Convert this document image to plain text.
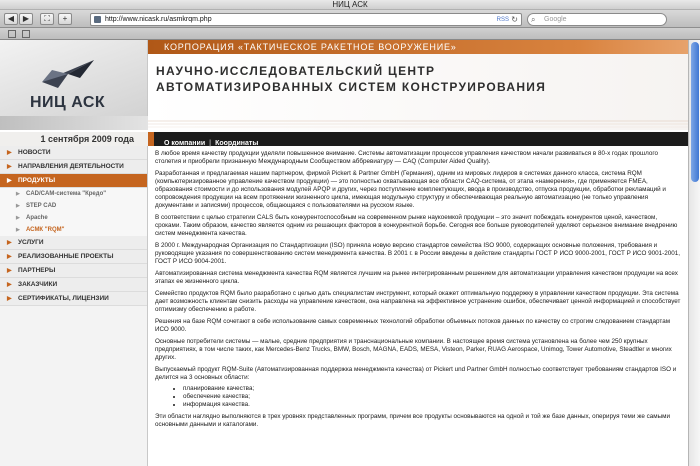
НИЦ АСК
◀	▶	⛶	+	http://www.nicask.ru/asmkrqm.php	RSS ↻ ⌕ Google
НИЦ АСК
КОРПОРАЦИЯ «ТАКТИЧЕСКОЕ РАКЕТНОЕ ВООРУЖЕНИЕ»
НАУЧНО-ИССЛЕДОВАТЕЛЬСКИЙ ЦЕНТР
АВТОМАТИЗИРОВАННЫХ СИСТЕМ КОНСТРУИРОВАНИЯ
1 сентября 2009 года	О компании | Координаты
▶ НОВОСТИ
▶ НАПРАВЛЕНИЯ ДЕЯТЕЛЬНОСТИ
▶ ПРОДУКТЫ
▶ CAD/CAM-система "Кредо"
▶ STEP CAD
▶ Apache
▶ АСМК "RQM"
▶ УСЛУГИ
▶ РЕАЛИЗОВАННЫЕ ПРОЕКТЫ
▶ ПАРТНЕРЫ
▶ ЗАКАЗЧИКИ
▶ СЕРТИФИКАТЫ, ЛИЦЕНЗИИ

В любое время качеству продукции уделяли повышенное внимание. Системы автоматизации процессов управления качеством начали развиваться в 80-х годах прошлого столетия и приобрели признанную Международным Сообществом аббревиатуру — CAQ (Computer Aided Quality).

Разработанная и предлагаемая нашим партнером, фирмой Pickert & Partner GmbH (Германия), одним из мировых лидеров в системах данного класса, система RQM (компьютеризированное управление качеством продукции) — это полностью охватывающая все области CAQ-система, от этапа «намерения», где применяется FMEA, образования стоимости и до использования модулей APQP и других, через поступление комплектующих, ввода в производство, отпуска продукции, обработки рекламаций и сопровождения продукции на всем протяжении жизненного цикла, имеющая модульную структуру и обеспечивающая реальную автоматизацию (не только управления документами и записями) процессов, общающаяся с пользователями на русском языке.

В соответствии с целью стратегии CALS быть конкурентоспособным на современном рынке наукоемкой продукции – это значит побеждать конкурентов ценой, качеством, сроками. Таким образом, качество является одним из решающих факторов в конкурентной борьбе. Сегодня все больше руководителей уделяют серьезное внимание внедрению систем менеджмента качества.

В 2000 г. Международная Организация по Стандартизации (ISO) приняла новую версию стандартов семейства ISO 9000, содержащих основные положения, требования и руководящие указания по совершенствованию систем менеджмента качества. В 2001 г. в России введены в действие стандарты ГОСТ Р ИСО 9000-2001, ГОСТ Р ИСО 9001-2001, ГОСТ Р ИСО 9004-2001.

Автоматизированная система менеджмента качества RQM является лучшим на рынке интегрированным решением для автоматизации управления качеством продукции на всех этапах ее жизненного цикла.

Семейство продуктов RQM было разработано с целью дать специалистам инструмент, который окажет оптимальную поддержку в управлении качеством продукции. Эта система дает возможность клиентам снизить расходы на управление качеством, она направлена на эффективное устранение ошибок, обеспечивает ценной информацией и способствует оптимизму обеспечению в работе.

Решения на базе RQM сочетают в себе использование самых современных технологий обработки объемных потоков данных по качеству со строгим следованием стандартам ИСО 9000.

Основные потребители системы — малые, средние предприятия и транснациональные компании. В настоящее время система установлена на более чем 250 крупных предприятиях, в том числе таких, как Mercedes-Benz Trucks, BMW, Bosch, MAGNA, EADS, MESA, Visteon, Parker, RUAG Aerospace, Unimog, Tower Automotive, Steadtler и многих других.

Выпускаемый продукт RQM-Suite (Автоматизированная поддержка менеджмента качества) от Pickert und Partner GmbH полностью соответствует требованиям стандартов ISO и делится на 3 основных области:

• планирование качества;
• обеспечение качества;
• информация качества.

Эти области наглядно выполняются в трех уровнях представленных программ, причем все продукты основываются на одной и той же базе данных, оперируя теми же самыми основными данными и каталогами.
